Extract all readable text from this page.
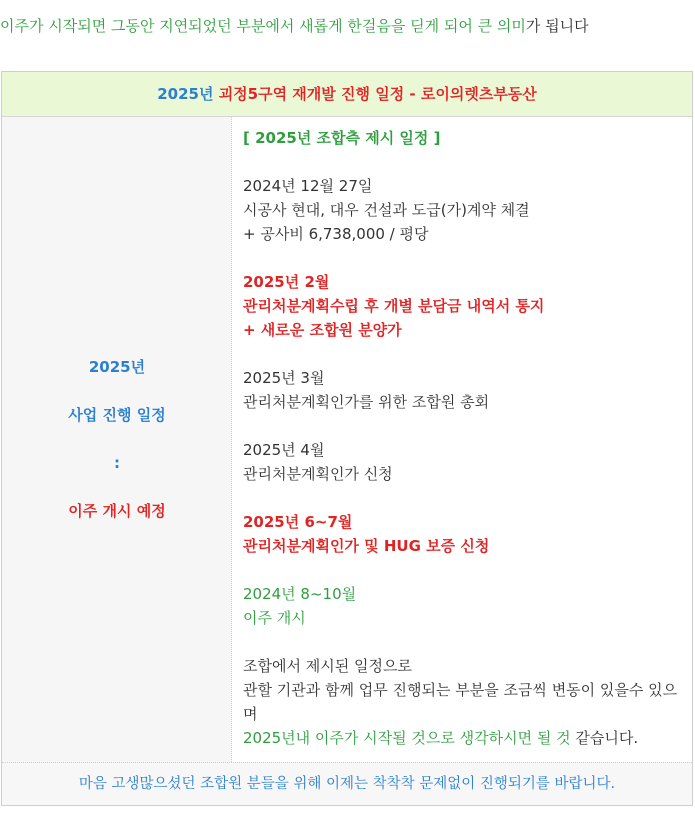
이주가 시작되면 그동안 지연되었던 부분에서 새롭게 한걸음을 딛게 되어 큰 의미가 됩니다
2025년 괴정5구역 재개발 진행 일정 - 로이의렛츠부동산
2025년
사업 진행 일정
:
이주 개시 예정
[ 2025년 조합측 제시 일정 ]
2024년 12월 27일
시공사 현대, 대우 건설과 도급(가)계약 체결
+ 공사비 6,738,000 / 평당
2025년 2월
관리처분계획수립 후 개별 분담금 내역서 통지
+ 새로운 조합원 분양가
2025년 3월
관리처분계획인가를 위한 조합원 총회
2025년 4월
관리처분계획인가 신청
2025년 6~7월
관리처분계획인가 및 HUG 보증 신청
2024년 8~10월
이주 개시
조합에서 제시된 일정으로
관할 기관과 함께 업무 진행되는 부분을 조금씩 변동이 있을수 있으
며
2025년내 이주가 시작될 것으로 생각하시면 될 것 같습니다.
마음 고생많으셨던 조합원 분들을 위해 이제는 착착착 문제없이 진행되기를 바랍니다.
